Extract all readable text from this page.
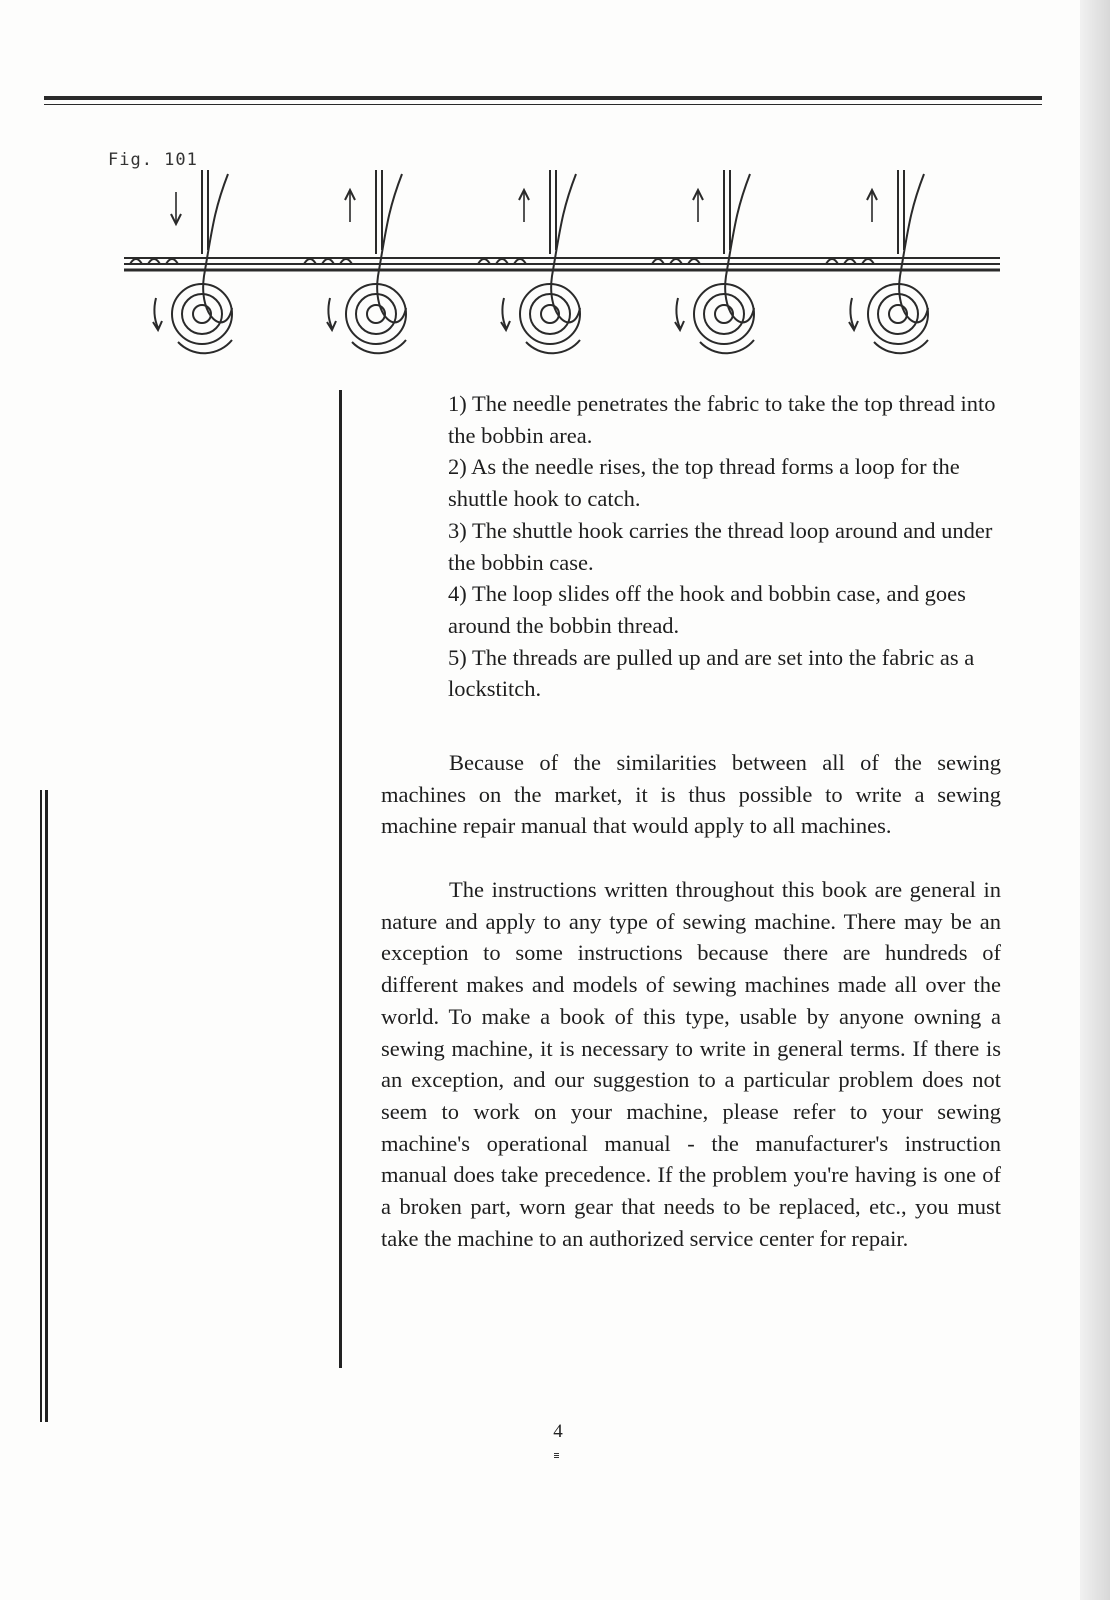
Fig. 101
1) The needle penetrates the fabric to take the top thread into the bobbin area.
2) As the needle rises, the top thread forms a loop for the shuttle hook to catch.
3) The shuttle hook carries the thread loop around and under the bobbin case.
4) The loop slides off the hook and bobbin case, and goes around the bobbin thread.
5) The threads are pulled up and are set into the fabric as a lockstitch.

Because of the similarities between all of the sewing machines on the market, it is thus possible to write a sewing machine repair manual that would apply to all machines.

The instructions written throughout this book are general in nature and apply to any type of sewing machine. There may be an exception to some instructions because there are hundreds of different makes and models of sewing machines made all over the world. To make a book of this type, usable by anyone owning a sewing machine, it is necessary to write in general terms. If there is an exception, and our suggestion to a particular problem does not seem to work on your machine, please refer to your sewing machine's operational manual - the manufacturer's instruction manual does take precedence. If the problem you're having is one of a broken part, worn gear that needs to be replaced, etc., you must take the machine to an authorized service center for repair.

4
